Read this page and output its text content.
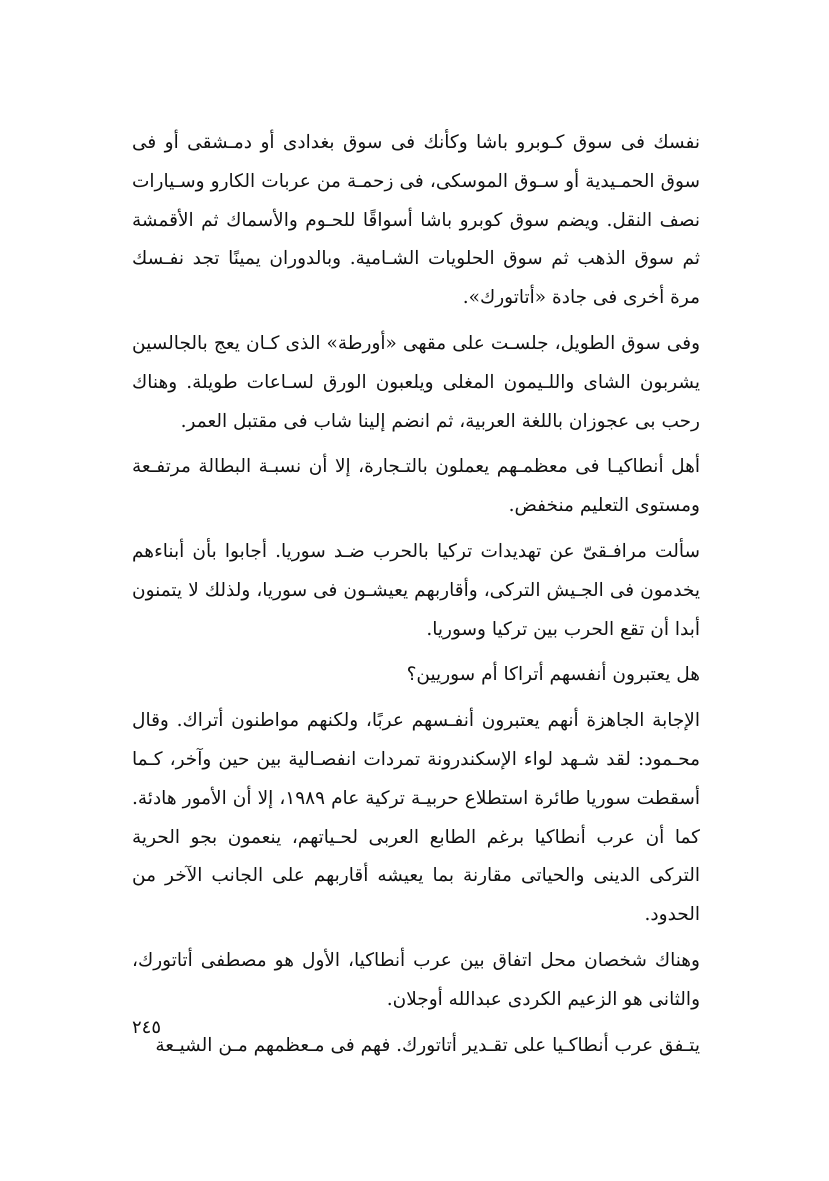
نفسك فى سوق كـوبرو باشا وكأنك فى سوق بغدادى أو دمـشقى أو فى سوق الحمـيدية أو سـوق الموسكى، فى زحمـة من عربات الكارو وسـيارات نصف النقل. ويضم سوق كوبرو باشا أسواقًا للحـوم والأسماك ثم الأقمشة ثم سوق الذهب ثم سوق الحلويات الشـامية. وبالدوران يمينًا تجد نفـسك مرة أخرى فى جادة «أتاتورك».

وفى سوق الطويل، جلسـت على مقهى «أورطة» الذى كـان يعج بالجالسين يشربون الشاى واللـيمون المغلى ويلعبون الورق لسـاعات طويلة. وهناك رحب بى عجوزان باللغة العربية، ثم انضم إلينا شاب فى مقتبل العمر.

أهل أنطاكيـا فى معظمـهم يعملون بالتـجارة، إلا أن نسبـة البطالة مرتفـعة ومستوى التعليم منخفض.

سألت مرافـقىّ عن تهديدات تركيا بالحرب ضـد سوريا. أجابوا بأن أبناءهم يخدمون فى الجـيش التركى، وأقاربهم يعيشـون فى سوريا، ولذلك لا يتمنون أبدا أن تقع الحرب بين تركيا وسوريا.

هل يعتبرون أنفسهم أتراكا أم سوريين؟

الإجابة الجاهزة أنهم يعتبرون أنفـسهم عربًا، ولكنهم مواطنون أتراك. وقال محـمود: لقد شـهد لواء الإسكندرونة تمردات انفصـالية بين حين وآخر، كـما أسقطت سوريا طائرة استطلاع حربيـة تركية عام ١٩٨٩، إلا أن الأمور هادئة. كما أن عرب أنطاكيا برغم الطابع العربى لحـياتهم، ينعمون بجو الحرية التركى الدينى والحياتى مقارنة بما يعيشه أقاربهم على الجانب الآخر من الحدود.

وهناك شخصان محل اتفاق بين عرب أنطاكيا، الأول هو مصطفى أتاتورك، والثانى هو الزعيم الكردى عبدالله أوجلان.

يتـفق عرب أنطاكـيا على تقـدير أتاتورك. فهم فى مـعظمهم مـن الشيـعة

٢٤٥
